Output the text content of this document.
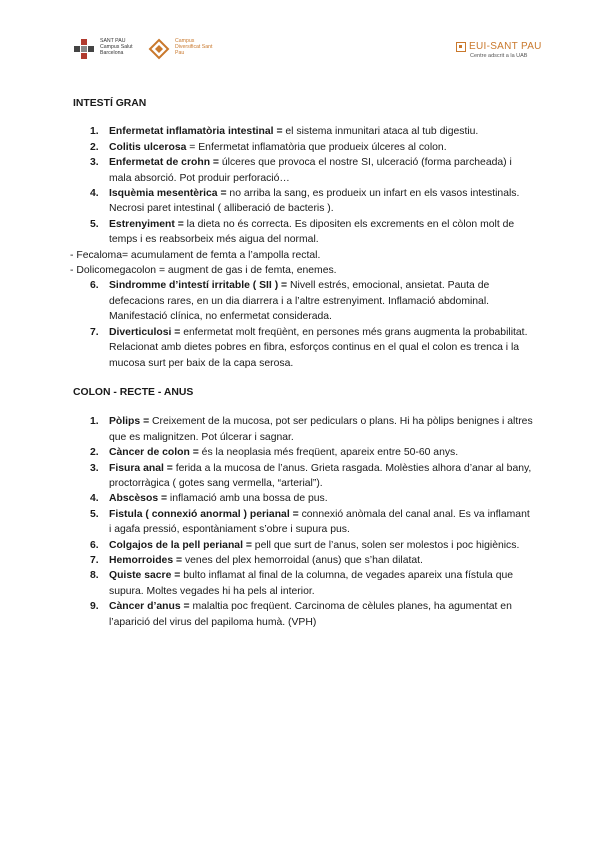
SANT PAU Campus Salut Barcelona
Campus Diversificat Sant Pau
EUI-SANT PAU
Centre adscrit a la UAB
INTESTÍ GRAN
1. Enfermetat inflamatòria intestinal = el sistema inmunitari ataca al tub digestiu.
2. Colitis ulcerosa = Enfermetat inflamatòria que produeix úlceres al colon.
3. Enfermetat de crohn = úlceres que provoca el nostre SI, ulceració (forma parcheada) i mala absorció. Pot produir perforació…
4. Isquèmia mesentèrica = no arriba la sang, es produeix un infart en els vasos intestinals. Necrosi paret intestinal ( alliberació de bacteris ).
5. Estrenyiment = la dieta no és correcta. Es dipositen els excrements en el còlon molt de temps i es reabsorbeix més aigua del normal.
- Fecaloma= acumulament de femta a l’ampolla rectal.
- Dolicomegacolon = augment de gas i de femta, enemes.
6. Sindromme d’intestí irritable ( SII ) = Nivell estrés, emocional, ansietat. Pauta de defecacions rares, en un dia diarrera i a l’altre estrenyiment. Inflamació abdominal. Manifestació clínica, no enfermetat considerada.
7. Diverticulosi = enfermetat molt freqüènt, en persones més grans augmenta la probabilitat. Relacionat amb dietes pobres en fibra, esforços continus en el qual el colon es trenca i la mucosa surt per baix de la capa serosa.
COLON - RECTE - ANUS
1. Pòlips = Creixement de la mucosa, pot ser pediculars o plans. Hi ha pòlips benignes i altres que es malignitzen. Pot úlcerar i sagnar.
2. Càncer de colon = és la neoplasia més freqüent, apareix entre 50-60 anys.
3. Fisura anal = ferida a la mucosa de l’anus. Grieta rasgada. Molèsties alhora d’anar al bany, proctorràgica ( gotes sang vermella, “arterial”).
4. Abscèsos = inflamació amb una bossa de pus.
5. Fistula ( connexió anormal ) perianal = connexió anòmala del canal anal. Es va inflamant i agafa pressió, espontàniament s’obre i supura pus.
6. Colgajos de la pell perianal = pell que surt de l’anus, solen ser molestos i poc higiènics.
7. Hemorroides = venes del plex hemorroidal (anus) que s’han dilatat.
8. Quiste sacre = bulto inflamat al final de la columna, de vegades apareix una fístula que supura. Moltes vegades hi ha pels al interior.
9. Càncer d’anus = malaltia poc freqüent. Carcinoma de cèlules planes, ha agumentat en l’aparició del virus del papiloma humà. (VPH)
